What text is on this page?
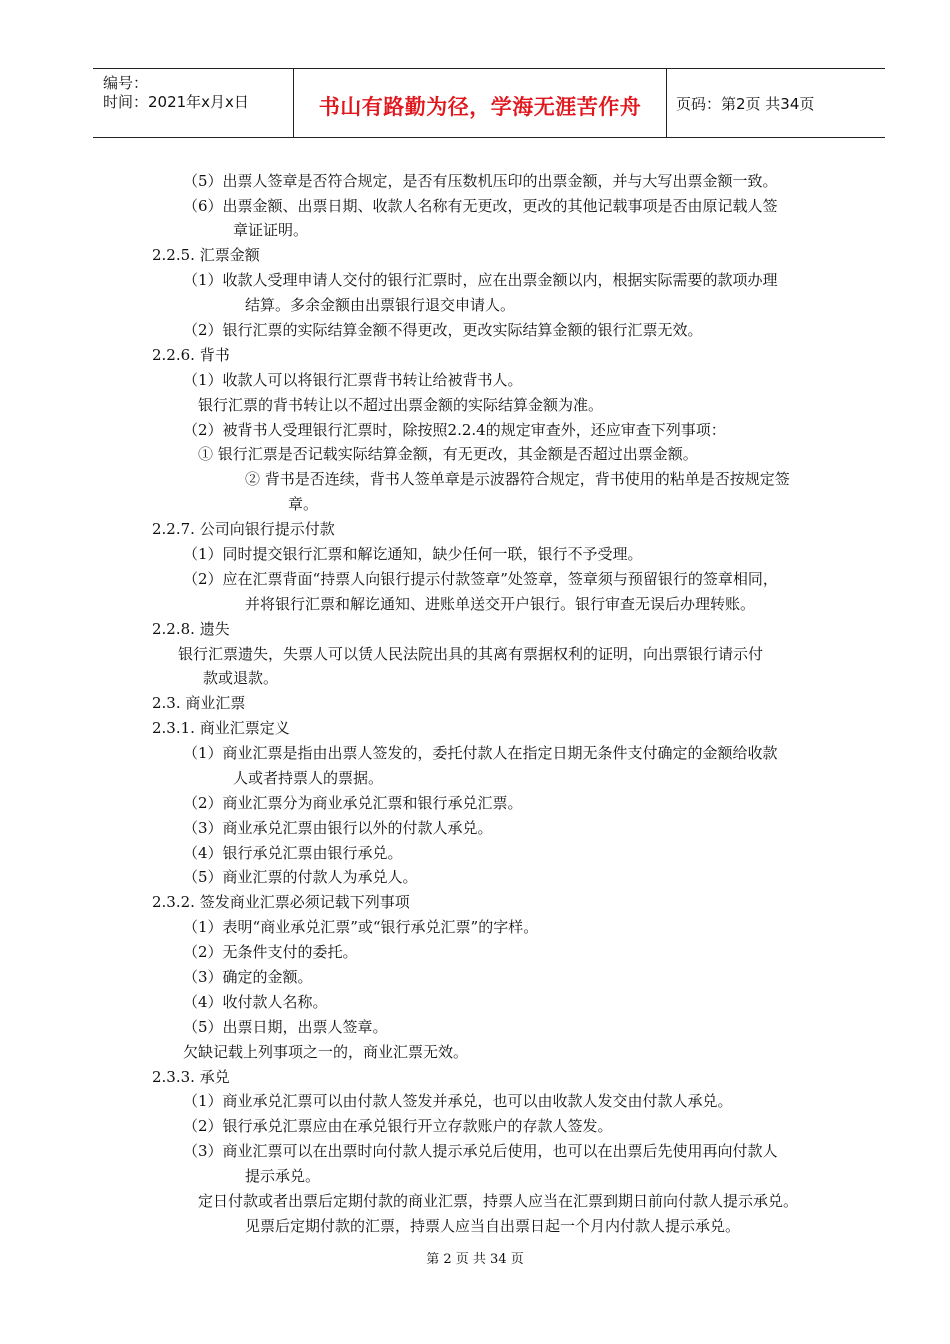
编号：
时间：2021年x月x日	书山有路勤为径，学海无涯苦作舟	页码：第2页 共34页
（5）出票人签章是否符合规定，是否有压数机压印的出票金额，并与大写出票金额一致。
（6）出票金额、出票日期、收款人名称有无更改，更改的其他记载事项是否由原记载人签
章证证明。
2.2.5. 汇票金额
（1）收款人受理申请人交付的银行汇票时，应在出票金额以内，根据实际需要的款项办理
结算。多余金额由出票银行退交申请人。
（2）银行汇票的实际结算金额不得更改，更改实际结算金额的银行汇票无效。
2.2.6. 背书
（1）收款人可以将银行汇票背书转让给被背书人。
银行汇票的背书转让以不超过出票金额的实际结算金额为准。
（2）被背书人受理银行汇票时，除按照2.2.4的规定审查外，还应审查下列事项：
① 银行汇票是否记载实际结算金额，有无更改，其金额是否超过出票金额。
② 背书是否连续，背书人签单章是示波器符合规定，背书使用的粘单是否按规定签
章。
2.2.7. 公司向银行提示付款
（1）同时提交银行汇票和解讫通知，缺少任何一联，银行不予受理。
（2）应在汇票背面“持票人向银行提示付款签章”处签章，签章须与预留银行的签章相同，
并将银行汇票和解讫通知、进账单送交开户银行。银行审查无误后办理转账。
2.2.8. 遗失
银行汇票遗失，失票人可以赁人民法院出具的其离有票据权利的证明，向出票银行请示付
款或退款。
2.3. 商业汇票
2.3.1. 商业汇票定义
（1）商业汇票是指由出票人签发的，委托付款人在指定日期无条件支付确定的金额给收款
人或者持票人的票据。
（2）商业汇票分为商业承兑汇票和银行承兑汇票。
（3）商业承兑汇票由银行以外的付款人承兑。
（4）银行承兑汇票由银行承兑。
（5）商业汇票的付款人为承兑人。
2.3.2. 签发商业汇票必须记载下列事项
（1）表明“商业承兑汇票”或“银行承兑汇票”的字样。
（2）无条件支付的委托。
（3）确定的金额。
（4）收付款人名称。
（5）出票日期，出票人签章。
欠缺记载上列事项之一的，商业汇票无效。
2.3.3. 承兑
（1）商业承兑汇票可以由付款人签发并承兑，也可以由收款人发交由付款人承兑。
（2）银行承兑汇票应由在承兑银行开立存款账户的存款人签发。
（3）商业汇票可以在出票时向付款人提示承兑后使用，也可以在出票后先使用再向付款人
提示承兑。
定日付款或者出票后定期付款的商业汇票，持票人应当在汇票到期日前向付款人提示承兑。
见票后定期付款的汇票，持票人应当自出票日起一个月内付款人提示承兑。
第 2 页 共 34 页
